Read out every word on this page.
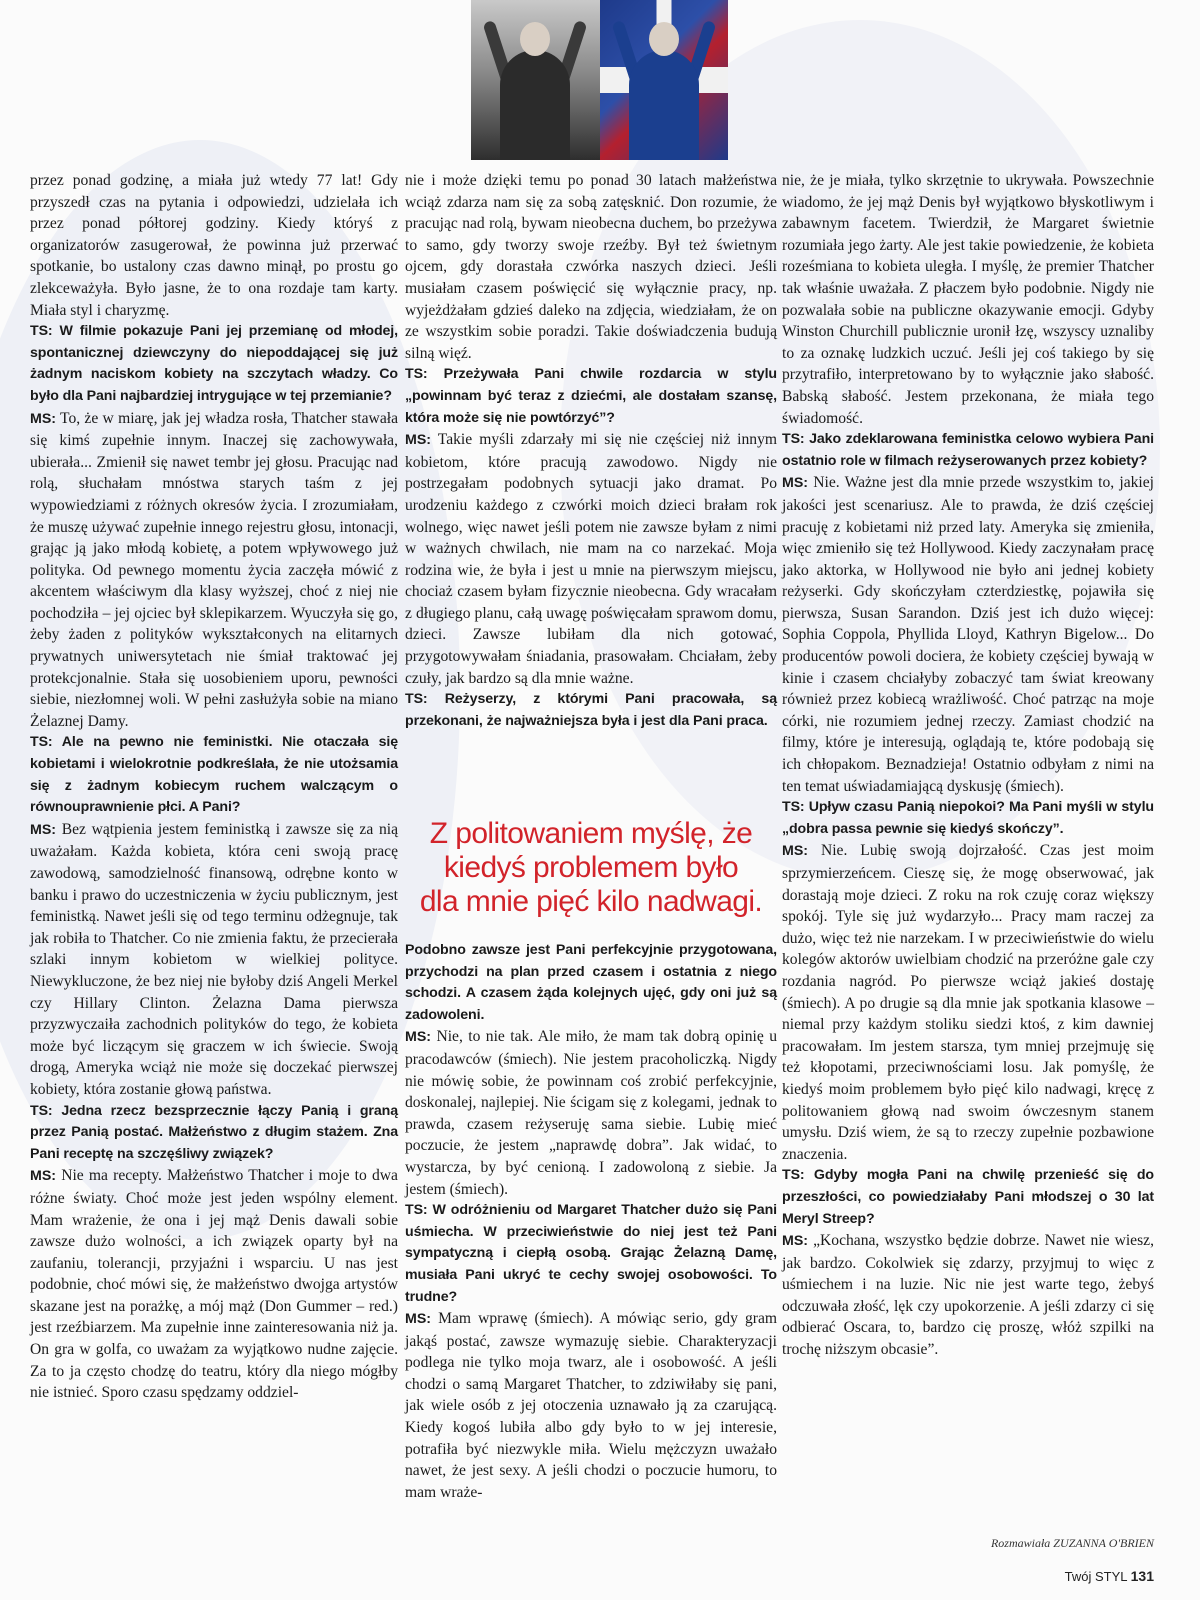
przez ponad godzinę, a miała już wtedy 77 lat! Gdy przyszedł czas na pytania i odpowiedzi, udzielała ich przez ponad półtorej godziny. Kiedy któryś z organizatorów zasugerował, że powinna już przerwać spotkanie, bo ustalony czas dawno minął, po prostu go zlekceważyła. Było jasne, że to ona rozdaje tam karty. Miała styl i charyzmę.

TS: W filmie pokazuje Pani jej przemianę od młodej, spontanicznej dziewczyny do niepoddającej się już żadnym naciskom kobiety na szczytach władzy. Co było dla Pani najbardziej intrygujące w tej przemianie?

MS: To, że w miarę, jak jej władza rosła, Thatcher stawała się kimś zupełnie innym. Inaczej się zachowywała, ubierała... Zmienił się nawet tembr jej głosu. Pracując nad rolą, słuchałam mnóstwa starych taśm z jej wypowiedziami z różnych okresów życia. I zrozumiałam, że muszę używać zupełnie innego rejestru głosu, intonacji, grając ją jako młodą kobietę, a potem wpływowego już polityka. Od pewnego momentu życia zaczęła mówić z akcentem właściwym dla klasy wyższej, choć z niej nie pochodziła – jej ojciec był sklepikarzem. Wyuczyła się go, żeby żaden z polityków wykształconych na elitarnych prywatnych uniwersytetach nie śmiał traktować jej protekcjonalnie. Stała się uosobieniem uporu, pewności siebie, niezłomnej woli. W pełni zasłużyła sobie na miano Żelaznej Damy.

TS: Ale na pewno nie feministki. Nie otaczała się kobietami i wielokrotnie podkreślała, że nie utożsamia się z żadnym kobiecym ruchem walczącym o równouprawnienie płci. A Pani?

MS: Bez wątpienia jestem feministką i zawsze się za nią uważałam. Każda kobieta, która ceni swoją pracę zawodową, samodzielność finansową, odrębne konto w banku i prawo do uczestniczenia w życiu publicznym, jest feministką. Nawet jeśli się od tego terminu odżegnuje, tak jak robiła to Thatcher. Co nie zmienia faktu, że przecierała szlaki innym kobietom w wielkiej polityce. Niewykluczone, że bez niej nie byłoby dziś Angeli Merkel czy Hillary Clinton. Żelazna Dama pierwsza przyzwyczaiła zachodnich polityków do tego, że kobieta może być liczącym się graczem w ich świecie. Swoją drogą, Ameryka wciąż nie może się doczekać pierwszej kobiety, która zostanie głową państwa.

TS: Jedna rzecz bezsprzecznie łączy Panią i graną przez Panią postać. Małżeństwo z długim stażem. Zna Pani receptę na szczęśliwy związek?

MS: Nie ma recepty. Małżeństwo Thatcher i moje to dwa różne światy. Choć może jest jeden wspólny element. Mam wrażenie, że ona i jej mąż Denis dawali sobie zawsze dużo wolności, a ich związek oparty był na zaufaniu, tolerancji, przyjaźni i wsparciu. U nas jest podobnie, choć mówi się, że małżeństwo dwojga artystów skazane jest na porażkę, a mój mąż (Don Gummer – red.) jest rzeźbiarzem. Ma zupełnie inne zainteresowania niż ja. On gra w golfa, co uważam za wyjątkowo nudne zajęcie. Za to ja często chodzę do teatru, który dla niego mógłby nie istnieć. Sporo czasu spędzamy oddziel-

nie i może dzięki temu po ponad 30 latach małżeństwa wciąż zdarza nam się za sobą zatęsknić. Don rozumie, że pracując nad rolą, bywam nieobecna duchem, bo przeżywa to samo, gdy tworzy swoje rzeźby. Był też świetnym ojcem, gdy dorastała czwórka naszych dzieci. Jeśli musiałam czasem poświęcić się wyłącznie pracy, np. wyjeżdżałam gdzieś daleko na zdjęcia, wiedziałam, że on ze wszystkim sobie poradzi. Takie doświadczenia budują silną więź.

TS: Przeżywała Pani chwile rozdarcia w stylu „powinnam być teraz z dziećmi, ale dostałam szansę, która może się nie powtórzyć”?

MS: Takie myśli zdarzały mi się nie częściej niż innym kobietom, które pracują zawodowo. Nigdy nie postrzegałam podobnych sytuacji jako dramat. Po urodzeniu każdego z czwórki moich dzieci brałam rok wolnego, więc nawet jeśli potem nie zawsze byłam z nimi w ważnych chwilach, nie mam na co narzekać. Moja rodzina wie, że była i jest u mnie na pierwszym miejscu, chociaż czasem byłam fizycznie nieobecna. Gdy wracałam z długiego planu, całą uwagę poświęcałam sprawom domu, dzieci. Zawsze lubiłam dla nich gotować, przygotowywałam śniadania, prasowałam. Chciałam, żeby czuły, jak bardzo są dla mnie ważne.

TS: Reżyserzy, z którymi Pani pracowała, są przekonani, że najważniejsza była i jest dla Pani praca.

Z politowaniem myślę, że

kiedyś problemem było

dla mnie pięć kilo nadwagi.

Podobno zawsze jest Pani perfekcyjnie przygotowana, przychodzi na plan przed czasem i ostatnia z niego schodzi. A czasem żąda kolejnych ujęć, gdy oni już są zadowoleni.

MS: Nie, to nie tak. Ale miło, że mam tak dobrą opinię u pracodawców (śmiech). Nie jestem pracoholiczką. Nigdy nie mówię sobie, że powinnam coś zrobić perfekcyjnie, doskonalej, najlepiej. Nie ścigam się z kolegami, jednak to prawda, czasem reżyseruję sama siebie. Lubię mieć poczucie, że jestem „naprawdę dobra”. Jak widać, to wystarcza, by być cenioną. I zadowoloną z siebie. Ja jestem (śmiech).

TS: W odróżnieniu od Margaret Thatcher dużo się Pani uśmiecha. W przeciwieństwie do niej jest też Pani sympatyczną i ciepłą osobą. Grając Żelazną Damę, musiała Pani ukryć te cechy swojej osobowości. To trudne?

MS: Mam wprawę (śmiech). A mówiąc serio, gdy gram jakąś postać, zawsze wymazuję siebie. Charakteryzacji podlega nie tylko moja twarz, ale i osobowość. A jeśli chodzi o samą Margaret Thatcher, to zdziwiłaby się pani, jak wiele osób z jej otoczenia uznawało ją za czarującą. Kiedy kogoś lubiła albo gdy było to w jej interesie, potrafiła być niezwykle miła. Wielu mężczyzn uważało nawet, że jest sexy. A jeśli chodzi o poczucie humoru, to mam wraże-

nie, że je miała, tylko skrzętnie to ukrywała. Powszechnie wiadomo, że jej mąż Denis był wyjątkowo błyskotliwym i zabawnym facetem. Twierdził, że Margaret świetnie rozumiała jego żarty. Ale jest takie powiedzenie, że kobieta roześmiana to kobieta uległa. I myślę, że premier Thatcher tak właśnie uważała. Z płaczem było podobnie. Nigdy nie pozwalała sobie na publiczne okazywanie emocji. Gdyby Winston Churchill publicznie uronił łzę, wszyscy uznaliby to za oznakę ludzkich uczuć. Jeśli jej coś takiego by się przytrafiło, interpretowano by to wyłącznie jako słabość. Babską słabość. Jestem przekonana, że miała tego świadomość.

TS: Jako zdeklarowana feministka celowo wybiera Pani ostatnio role w filmach reżyserowanych przez kobiety?

MS: Nie. Ważne jest dla mnie przede wszystkim to, jakiej jakości jest scenariusz. Ale to prawda, że dziś częściej pracuję z kobietami niż przed laty. Ameryka się zmieniła, więc zmieniło się też Hollywood. Kiedy zaczynałam pracę jako aktorka, w Hollywood nie było ani jednej kobiety reżyserki. Gdy skończyłam czterdziestkę, pojawiła się pierwsza, Susan Sarandon. Dziś jest ich dużo więcej: Sophia Coppola, Phyllida Lloyd, Kathryn Bigelow... Do producentów powoli dociera, że kobiety częściej bywają w kinie i czasem chciałyby zobaczyć tam świat kreowany również przez kobiecą wrażliwość. Choć patrząc na moje córki, nie rozumiem jednej rzeczy. Zamiast chodzić na filmy, które je interesują, oglądają te, które podobają się ich chłopakom. Beznadzieja! Ostatnio odbyłam z nimi na ten temat uświadamiającą dyskusję (śmiech).

TS: Upływ czasu Panią niepokoi? Ma Pani myśli w stylu „dobra passa pewnie się kiedyś skończy”.

MS: Nie. Lubię swoją dojrzałość. Czas jest moim sprzymierzeńcem. Cieszę się, że mogę obserwować, jak dorastają moje dzieci. Z roku na rok czuję coraz większy spokój. Tyle się już wydarzyło... Pracy mam raczej za dużo, więc też nie narzekam. I w przeciwieństwie do wielu kolegów aktorów uwielbiam chodzić na przeróżne gale czy rozdania nagród. Po pierwsze wciąż jakieś dostaję (śmiech). A po drugie są dla mnie jak spotkania klasowe – niemal przy każdym stoliku siedzi ktoś, z kim dawniej pracowałam. Im jestem starsza, tym mniej przejmuję się też kłopotami, przeciwnościami losu. Jak pomyślę, że kiedyś moim problemem było pięć kilo nadwagi, kręcę z politowaniem głową nad swoim ówczesnym stanem umysłu. Dziś wiem, że są to rzeczy zupełnie pozbawione znaczenia.

TS: Gdyby mogła Pani na chwilę przenieść się do przeszłości, co powiedziałaby Pani młodszej o 30 lat Meryl Streep?

MS: „Kochana, wszystko będzie dobrze. Nawet nie wiesz, jak bardzo. Cokolwiek się zdarzy, przyjmuj to więc z uśmiechem i na luzie. Nic nie jest warte tego, żebyś odczuwała złość, lęk czy upokorzenie. A jeśli zdarzy ci się odbierać Oscara, to, bardzo cię proszę, włóż szpilki na trochę niższym obcasie”.

Rozmawiała ZUZANNA O'BRIEN
Twój STYL 131
